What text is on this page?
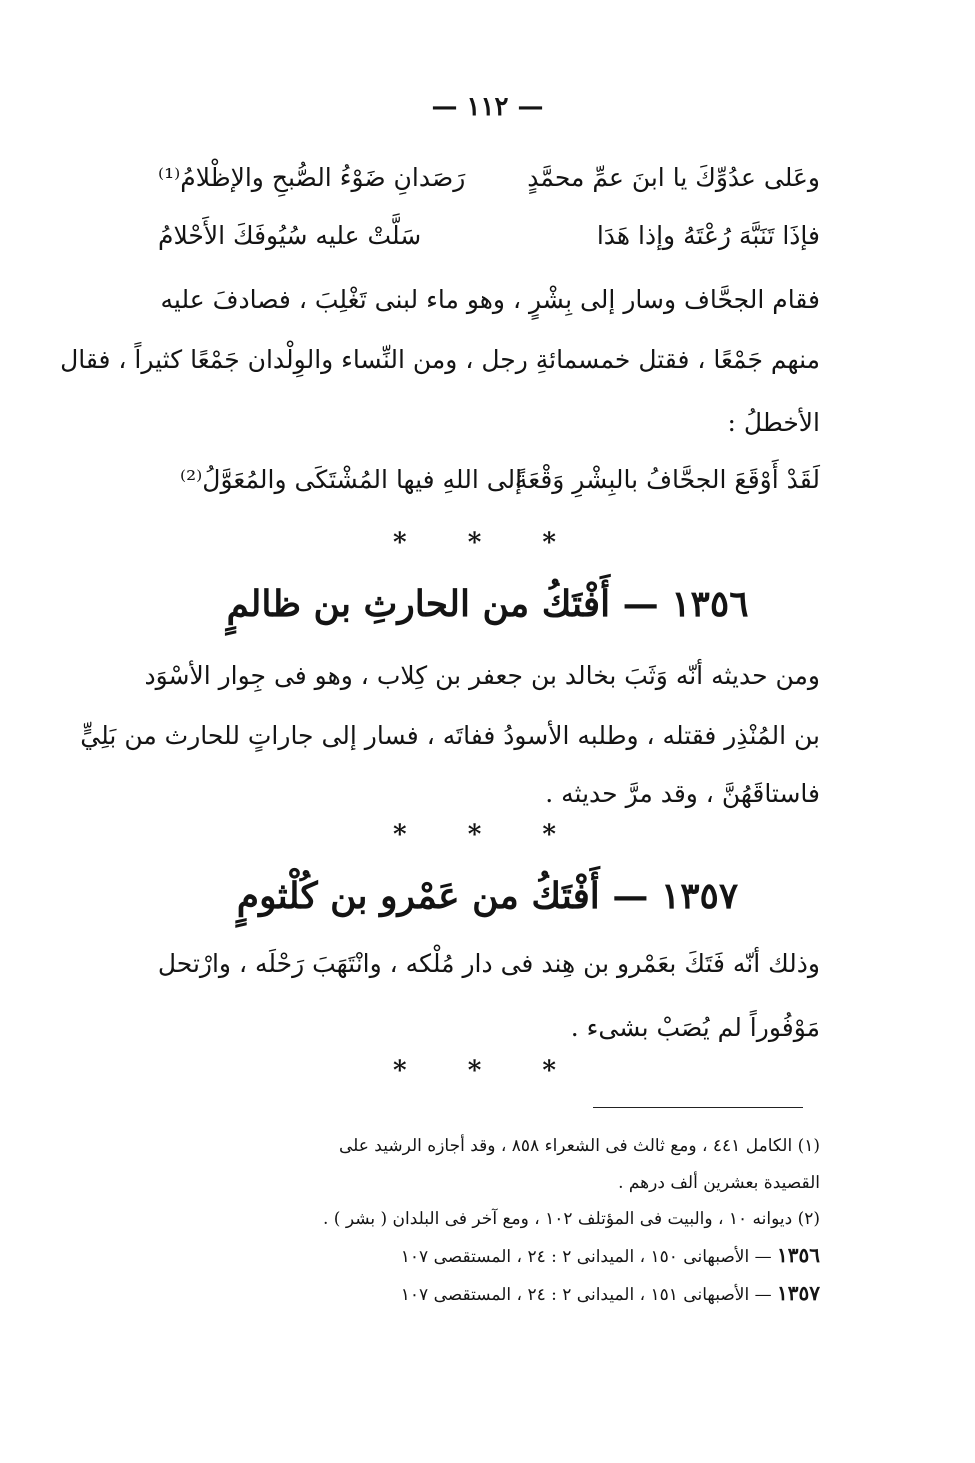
— ١١٢ —
وعَلى عدُوِّكَ يا ابنَ عمِّ محمَّدٍ
رَصَدانِ ضَوْءُ الصُّبحِ والإظْلامُ⁽¹⁾
فإذَا تَنَبَّهَ رُعْتَهُ وإذا هَدَا
سَلَّتْ عليه سُيُوفَكَ الأَحْلامُ
فقام الجحَّاف وسار إلى بِشْرٍ ، وهو ماء لبنى تَغْلِبَ ، فصادفَ عليه
منهم جَمْعًا ، فقتل خمسمائةِ رجل ، ومن النِّساء والوِلْدان جَمْعًا كثيراً ، فقال
الأخطلُ :
لَقَدْ أَوْقَعَ الجحَّافُ بالبِشْرِ وَقْعَةً
إلى اللهِ فيها المُشْتَكَى والمُعَوَّلُ⁽²⁾
* * *
١٣٥٦ — أَفْتَكُ من الحارثِ بن ظالمٍ
ومن حديثه أنّه وَثَبَ بخالد بن جعفر بن كِلاب ، وهو فى جِوار الأسْوَد
بن المُنْذِر فقتله ، وطلبه الأسودُ ففاتَه ، فسار إلى جاراتٍ للحارث من بَلِيٍّ
فاستاقَهُنَّ ، وقد مرَّ حديثه .
* * *
١٣٥٧ — أَفْتَكُ من عَمْرو بن كُلْثومٍ
وذلك أنّه فَتَكَ بعَمْرو بن هِند فى دار مُلْكه ، وانْتَهَبَ رَحْلَه ، وارْتحل
مَوْفُوراً لم يُصَبْ بشىء .
* * *
(١) الكامل ٤٤١ ، ومع ثالث فى الشعراء ٨٥٨ ، وقد أجازه الرشيد على
القصيدة بعشرين ألف درهم .
(٢) ديوانه ١٠ ، والبيت فى المؤتلف ١٠٢ ، ومع آخر فى البلدان ( بشر ) .
١٣٥٦ — الأصبهانى ١٥٠ ، الميدانى ٢ : ٢٤ ، المستقصى ١٠٧
١٣٥٧ — الأصبهانى ١٥١ ، الميدانى ٢ : ٢٤ ، المستقصى ١٠٧
